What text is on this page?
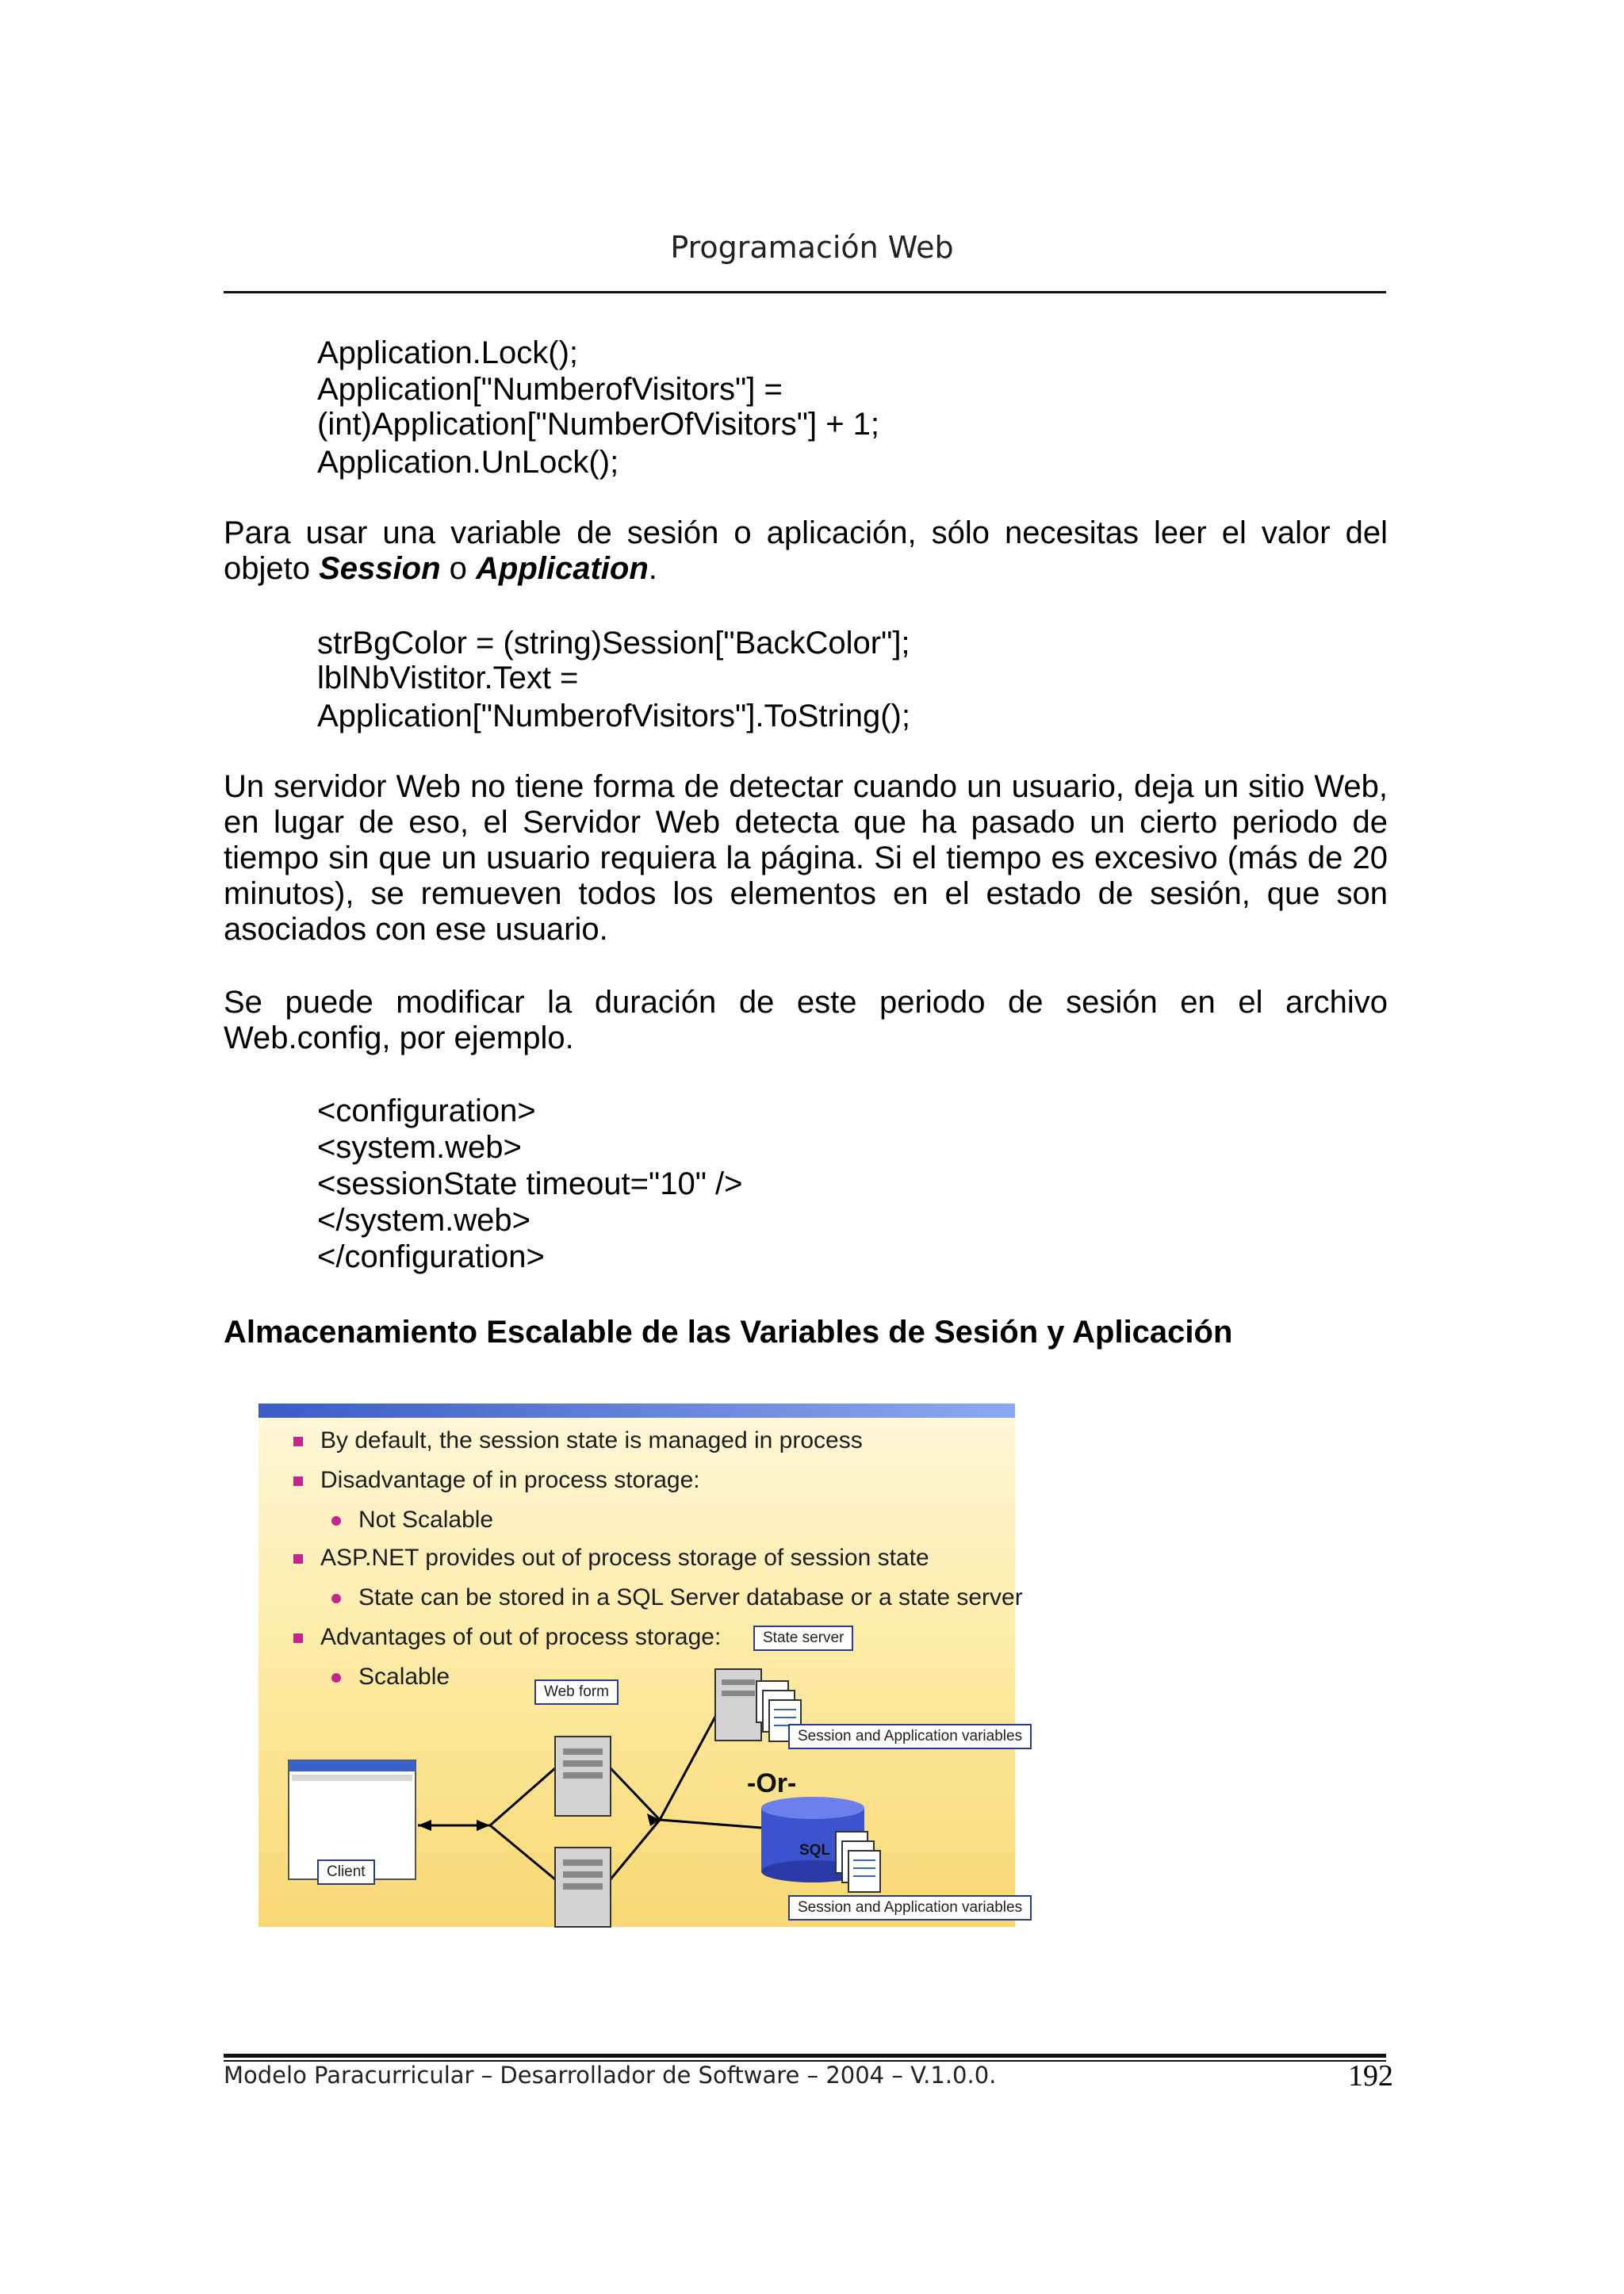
Programación Web
Application.Lock();
Application["NumberofVisitors"] =
(int)Application["NumberOfVisitors"] + 1;
Application.UnLock();
Para usar una variable de sesión o aplicación, sólo necesitas leer el valor del objeto Session o Application.
strBgColor = (string)Session["BackColor"];
lblNbVistitor.Text =
Application["NumberofVisitors"].ToString();
Un servidor Web no tiene forma de detectar cuando un usuario, deja un sitio Web, en lugar de eso, el Servidor Web detecta que ha pasado un cierto periodo de tiempo sin que un usuario requiera la página. Si el tiempo es excesivo (más de 20 minutos), se remueven todos los elementos en el estado de sesión, que son asociados con ese usuario.
Se puede modificar la duración de este periodo de sesión en el archivo Web.config, por ejemplo.
<configuration>
<system.web>
<sessionState timeout="10" />
</system.web>
</configuration>
Almacenamiento Escalable de las Variables de Sesión y Aplicación
By default, the session state is managed in process
Disadvantage of in process storage:
Not Scalable
ASP.NET provides out of process storage of session state
State can be stored in a SQL Server database or a state server
Advantages of out of process storage:
Scalable
State server
Web form
Session and Application variables
-Or-
SQL
Client
Session and Application variables
Modelo Paracurricular – Desarrollador de Software – 2004 – V.1.0.0.	192
